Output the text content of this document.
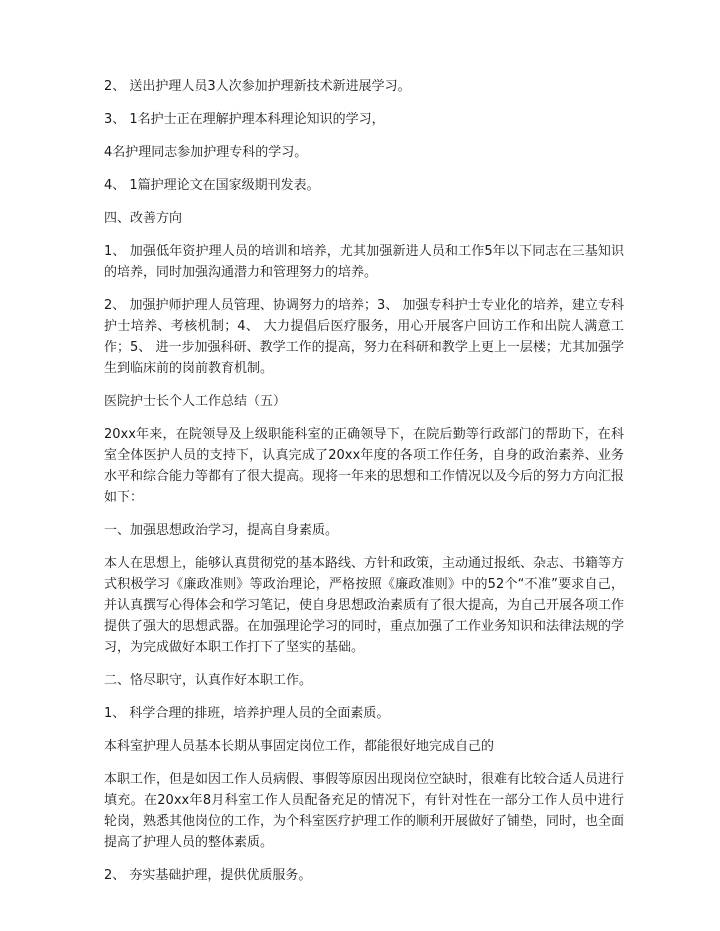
2、 送出护理人员3人次参加护理新技术新进展学习。

3、 1名护士正在理解护理本科理论知识的学习，

4名护理同志参加护理专科的学习。

4、 1篇护理论文在国家级期刊发表。

四、改善方向

1、 加强低年资护理人员的培训和培养，尤其加强新进人员和工作5年以下同志在三基知识的培养，同时加强沟通潜力和管理努力的培养。

2、 加强护师护理人员管理、协调努力的培养；3、 加强专科护士专业化的培养，建立专科护士培养、考核机制；4、 大力提倡后医疗服务，用心开展客户回访工作和出院人满意工作；5、 进一步加强科研、教学工作的提高，努力在科研和教学上更上一层楼；尤其加强学生到临床前的岗前教育机制。

医院护士长个人工作总结（五）

20xx年来，在院领导及上级职能科室的正确领导下，在院后勤等行政部门的帮助下，在科室全体医护人员的支持下，认真完成了20xx年度的各项工作任务，自身的政治素养、业务水平和综合能力等都有了很大提高。现将一年来的思想和工作情况以及今后的努力方向汇报如下：

一、加强思想政治学习，提高自身素质。

本人在思想上，能够认真贯彻党的基本路线、方针和政策，主动通过报纸、杂志、书籍等方式积极学习《廉政准则》等政治理论，严格按照《廉政准则》中的52个“不准”要求自己，并认真撰写心得体会和学习笔记，使自身思想政治素质有了很大提高，为自己开展各项工作提供了强大的思想武器。在加强理论学习的同时，重点加强了工作业务知识和法律法规的学习，为完成做好本职工作打下了坚实的基础。

二、恪尽职守，认真作好本职工作。

1、 科学合理的排班，培养护理人员的全面素质。

本科室护理人员基本长期从事固定岗位工作，都能很好地完成自己的

本职工作，但是如因工作人员病假、事假等原因出现岗位空缺时，很难有比较合适人员进行填充。在20xx年8月科室工作人员配备充足的情况下，有针对性在一部分工作人员中进行轮岗，熟悉其他岗位的工作，为个科室医疗护理工作的顺利开展做好了铺垫，同时，也全面提高了护理人员的整体素质。

2、 夯实基础护理，提供优质服务。
